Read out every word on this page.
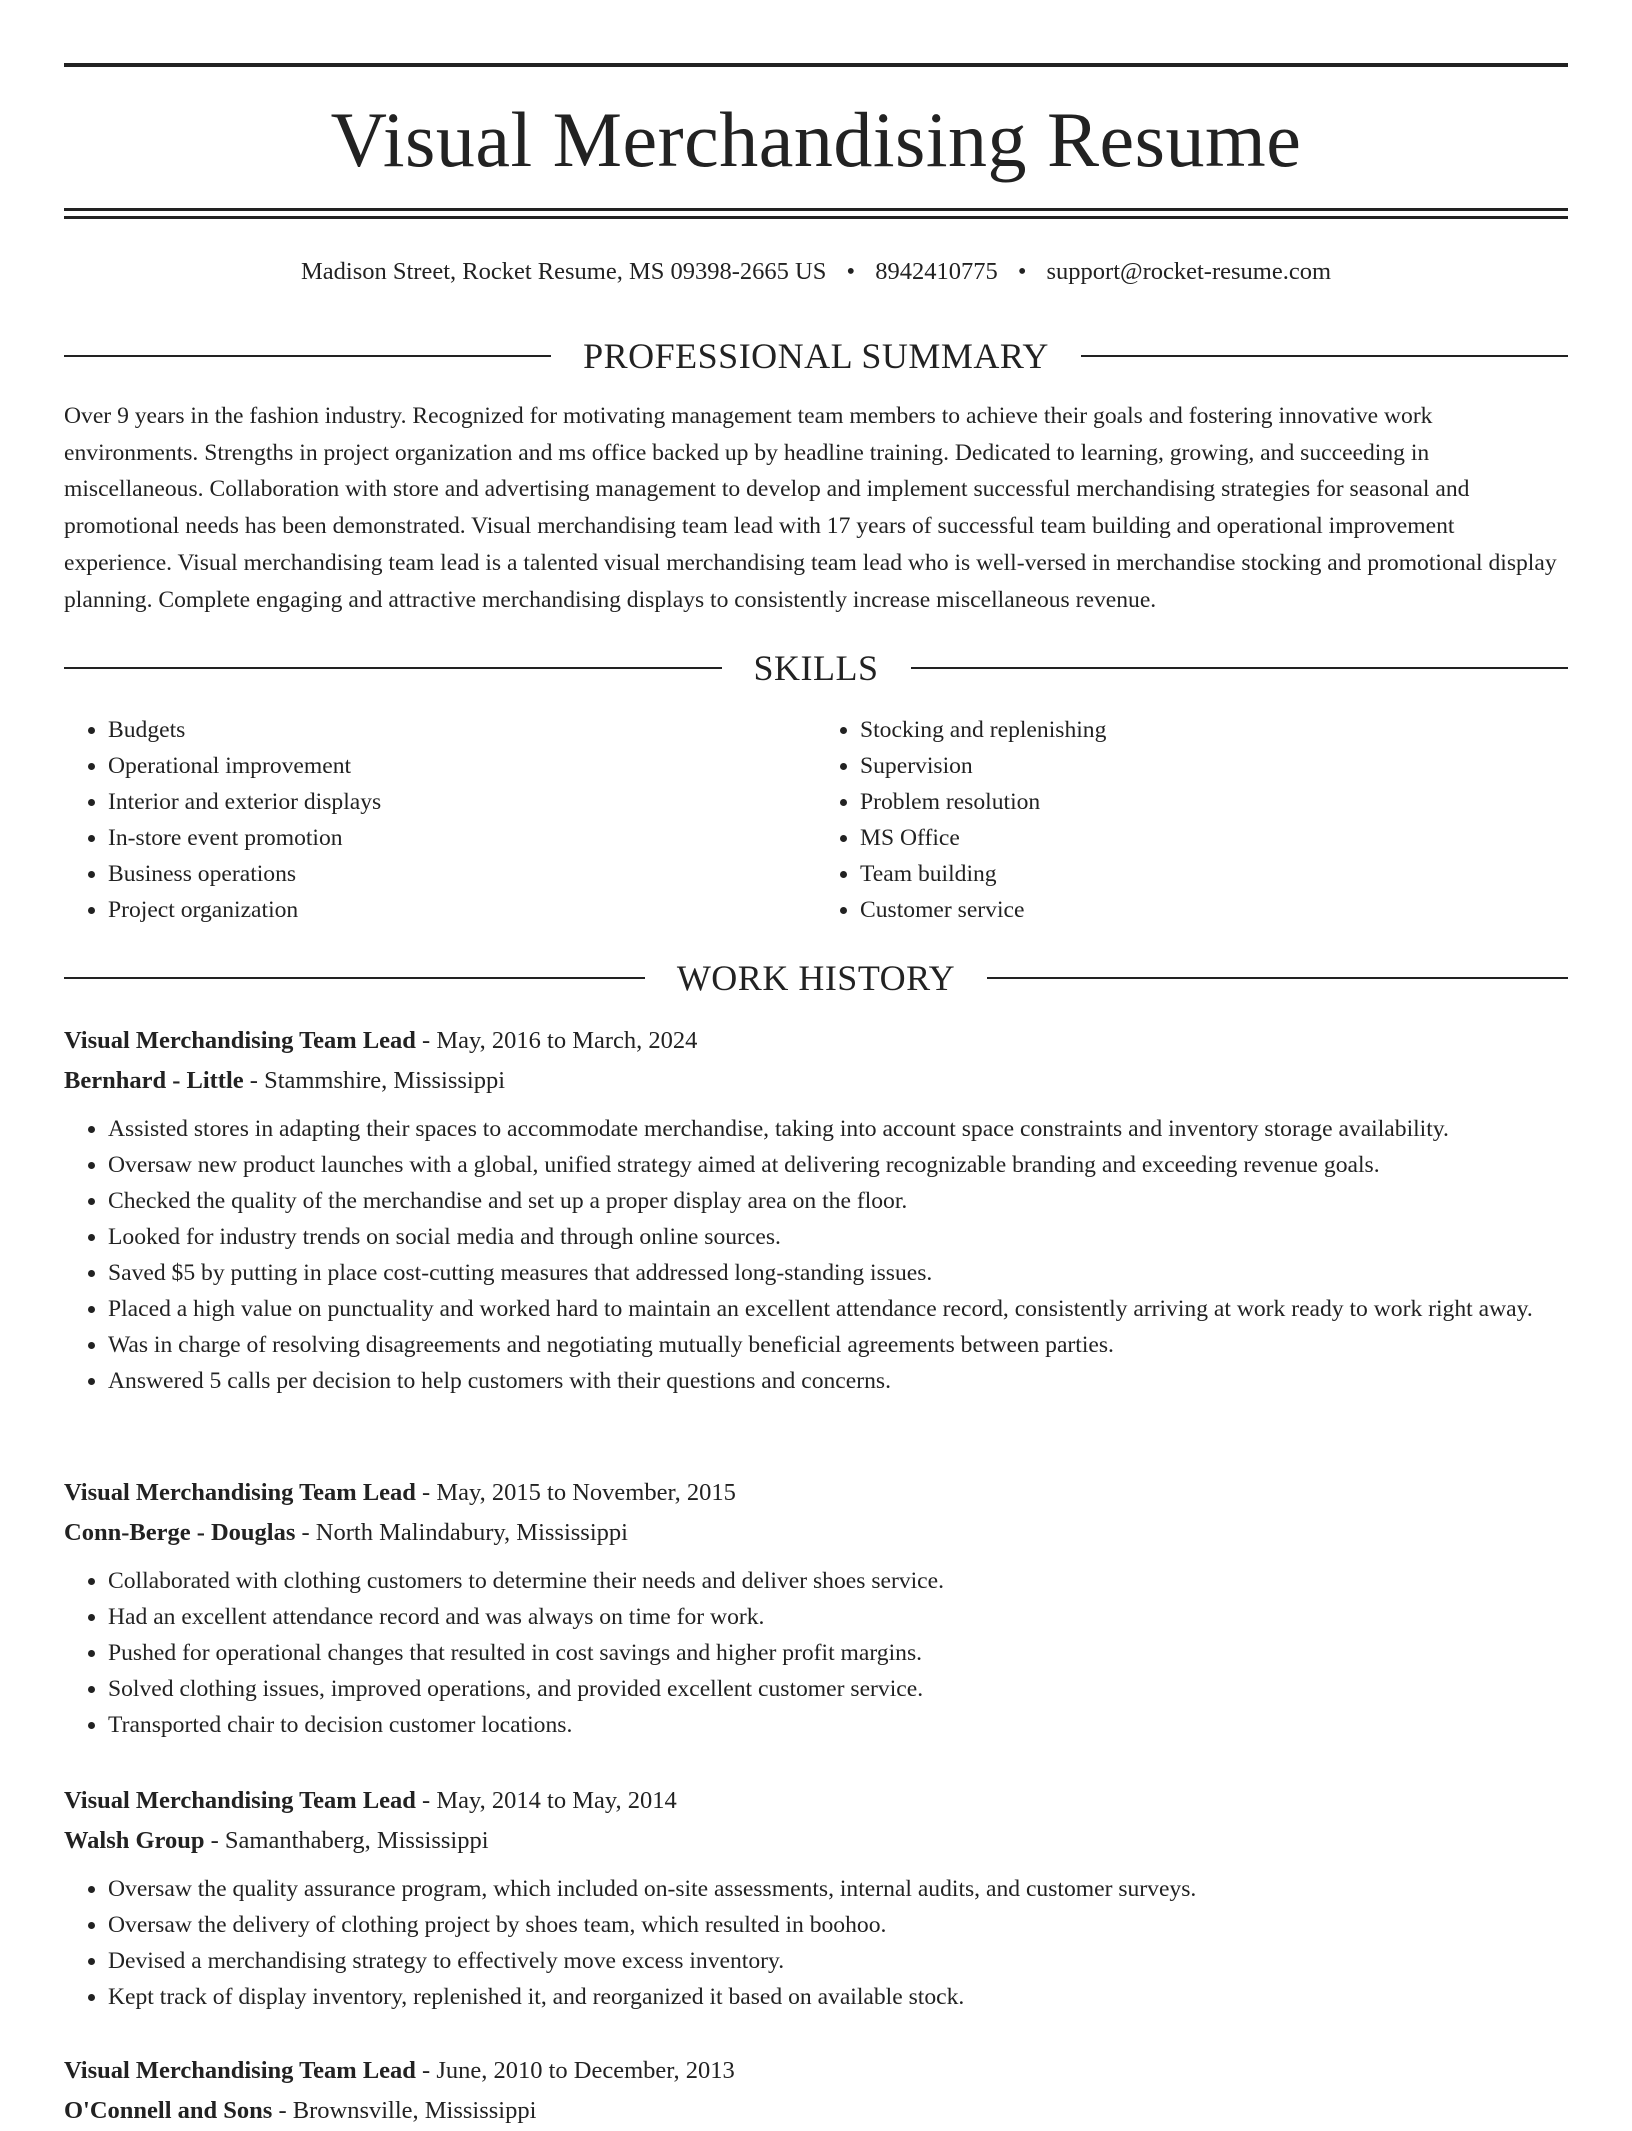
Visual Merchandising Resume
Madison Street, Rocket Resume, MS 09398-2665 US • 8942410775 • support@rocket-resume.com
PROFESSIONAL SUMMARY
Over 9 years in the fashion industry. Recognized for motivating management team members to achieve their goals and fostering innovative work environments. Strengths in project organization and ms office backed up by headline training. Dedicated to learning, growing, and succeeding in miscellaneous. Collaboration with store and advertising management to develop and implement successful merchandising strategies for seasonal and promotional needs has been demonstrated. Visual merchandising team lead with 17 years of successful team building and operational improvement experience. Visual merchandising team lead is a talented visual merchandising team lead who is well-versed in merchandise stocking and promotional display planning. Complete engaging and attractive merchandising displays to consistently increase miscellaneous revenue.
SKILLS
• Budgets
• Operational improvement
• Interior and exterior displays
• In-store event promotion
• Business operations
• Project organization
• Stocking and replenishing
• Supervision
• Problem resolution
• MS Office
• Team building
• Customer service
WORK HISTORY
Visual Merchandising Team Lead - May, 2016 to March, 2024
Bernhard - Little - Stammshire, Mississippi
• Assisted stores in adapting their spaces to accommodate merchandise, taking into account space constraints and inventory storage availability.
• Oversaw new product launches with a global, unified strategy aimed at delivering recognizable branding and exceeding revenue goals.
• Checked the quality of the merchandise and set up a proper display area on the floor.
• Looked for industry trends on social media and through online sources.
• Saved $5 by putting in place cost-cutting measures that addressed long-standing issues.
• Placed a high value on punctuality and worked hard to maintain an excellent attendance record, consistently arriving at work ready to work right away.
• Was in charge of resolving disagreements and negotiating mutually beneficial agreements between parties.
• Answered 5 calls per decision to help customers with their questions and concerns.
Visual Merchandising Team Lead - May, 2015 to November, 2015
Conn-Berge - Douglas - North Malindabury, Mississippi
• Collaborated with clothing customers to determine their needs and deliver shoes service.
• Had an excellent attendance record and was always on time for work.
• Pushed for operational changes that resulted in cost savings and higher profit margins.
• Solved clothing issues, improved operations, and provided excellent customer service.
• Transported chair to decision customer locations.
Visual Merchandising Team Lead - May, 2014 to May, 2014
Walsh Group - Samanthaberg, Mississippi
• Oversaw the quality assurance program, which included on-site assessments, internal audits, and customer surveys.
• Oversaw the delivery of clothing project by shoes team, which resulted in boohoo.
• Devised a merchandising strategy to effectively move excess inventory.
• Kept track of display inventory, replenished it, and reorganized it based on available stock.
Visual Merchandising Team Lead - June, 2010 to December, 2013
O'Connell and Sons - Brownsville, Mississippi
